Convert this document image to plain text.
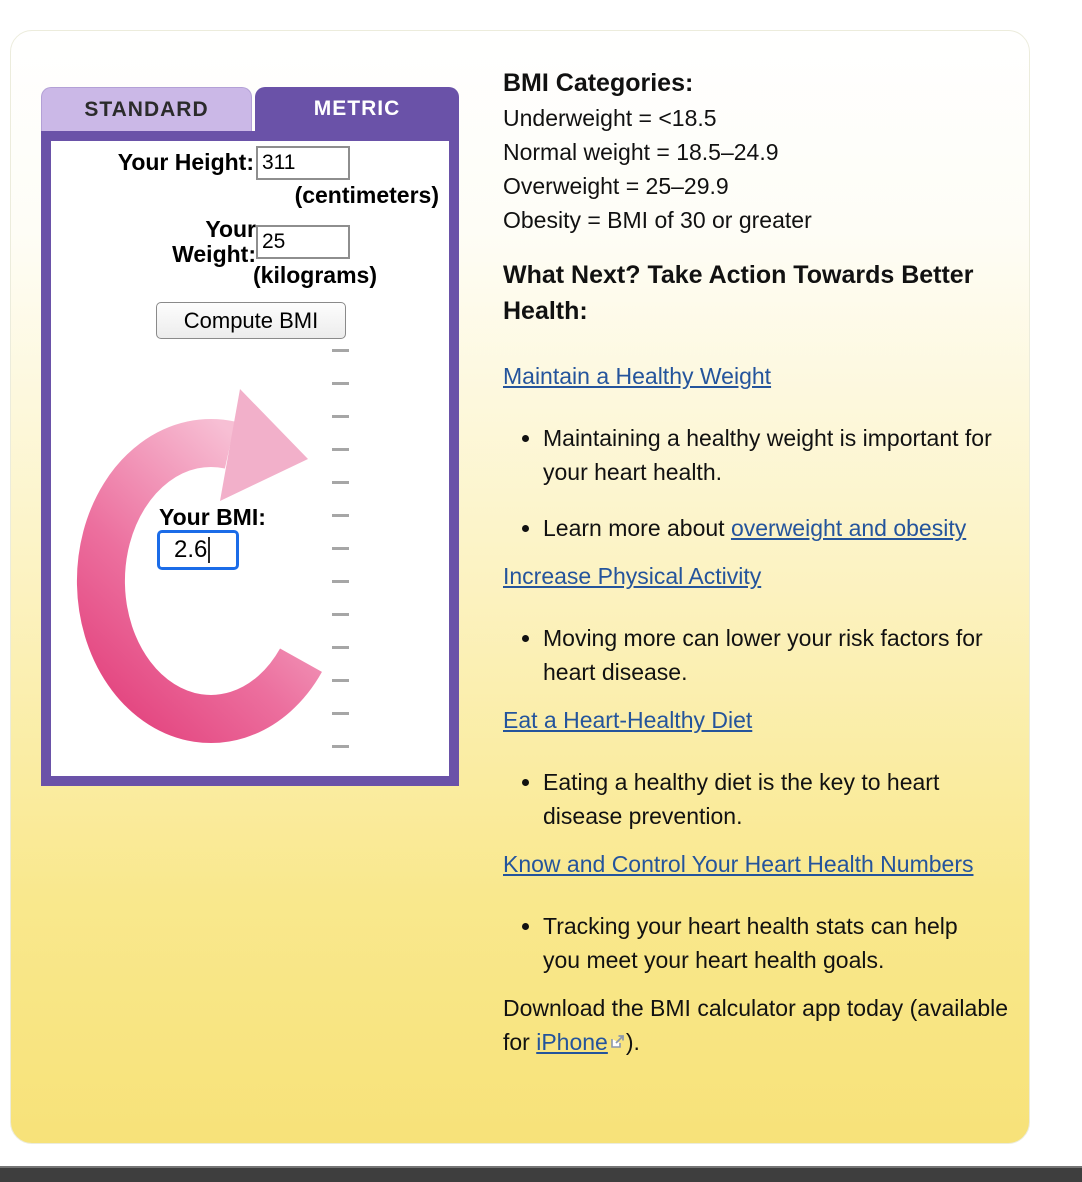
STANDARD	METRIC
Your Height:
311
(centimeters)
Your Weight:
25
(kilograms)
Compute BMI
Your BMI:
2.6
BMI Categories:
Underweight = <18.5
Normal weight = 18.5–24.9
Overweight = 25–29.9
Obesity = BMI of 30 or greater
What Next? Take Action Towards Better Health:
Maintain a Healthy Weight
• Maintaining a healthy weight is important for your heart health.
• Learn more about overweight and obesity
Increase Physical Activity
• Moving more can lower your risk factors for heart disease.
Eat a Heart-Healthy Diet
• Eating a healthy diet is the key to heart disease prevention.
Know and Control Your Heart Health Numbers
• Tracking your heart health stats can help you meet your heart health goals.

Download the BMI calculator app today (available for iPhone ).
